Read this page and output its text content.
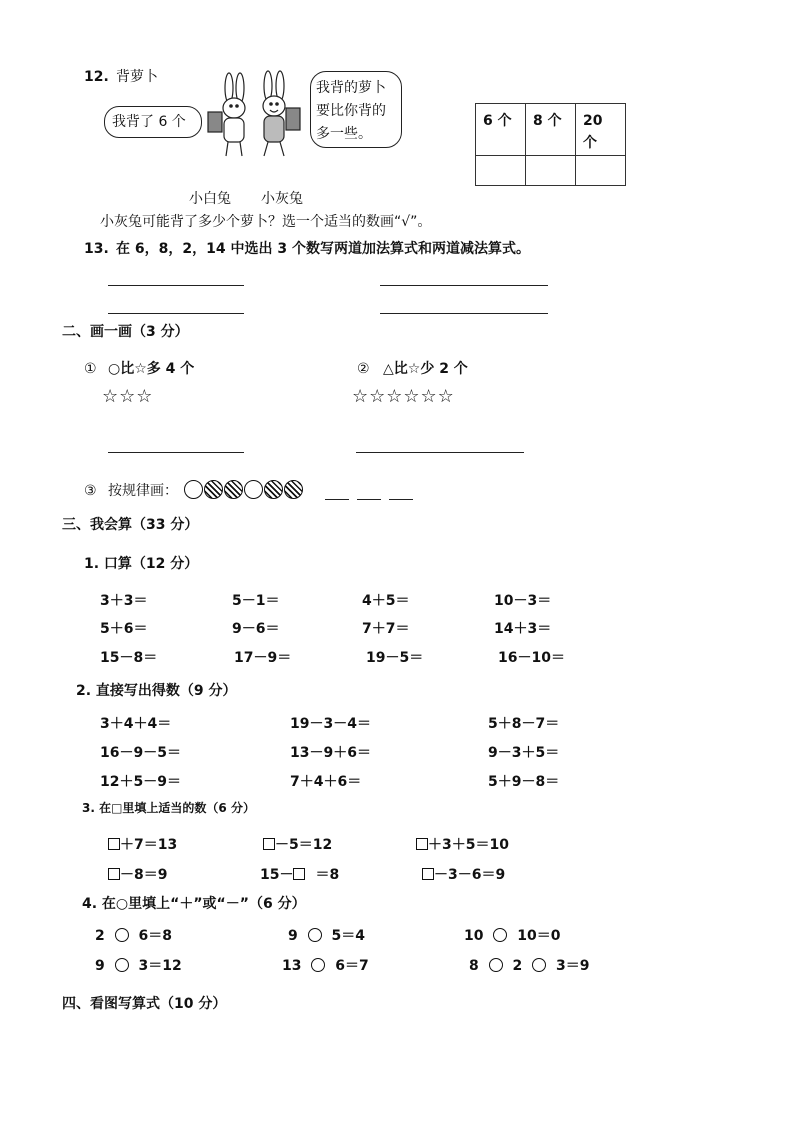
12. 背萝卜
我背了 6 个
我背的萝卜
要比你背的
多一些。
6 个	8 个	20 个

小白兔 小灰兔
小灰兔可能背了多少个萝卜？选一个适当的数画“√”。
13. 在 6，8，2，14 中选出 3 个数写两道加法算式和两道减法算式。
二、画一画（3 分）
① ○比☆多 4 个
☆☆☆
② △比☆少 2 个
☆☆☆☆☆☆
③ 按规律画：
三、我会算（33 分）
1. 口算（12 分）
3＋3＝	5－1＝	4＋5＝	10－3＝
5＋6＝	9－6＝	7＋7＝	14＋3＝
15－8＝	17－9＝	19－5＝	16－10＝
2. 直接写出得数（9 分）
3＋4＋4＝	19－3－4＝	5＋8－7＝
16－9－5＝	13－9＋6＝	9－3＋5＝
12＋5－9＝	7＋4＋6＝	5＋9－8＝
3. 在□里填上适当的数（6 分）
＋7＝13	－5＝12	＋3＋5＝10
－8＝9	15－ ＝8	－3－6＝9
4. 在○里填上“＋”或“－”（6 分）
2 6＝8	9 5＝4	10 10＝0
9 3＝12	13 6＝7	8 2 3＝9
四、看图写算式（10 分）
